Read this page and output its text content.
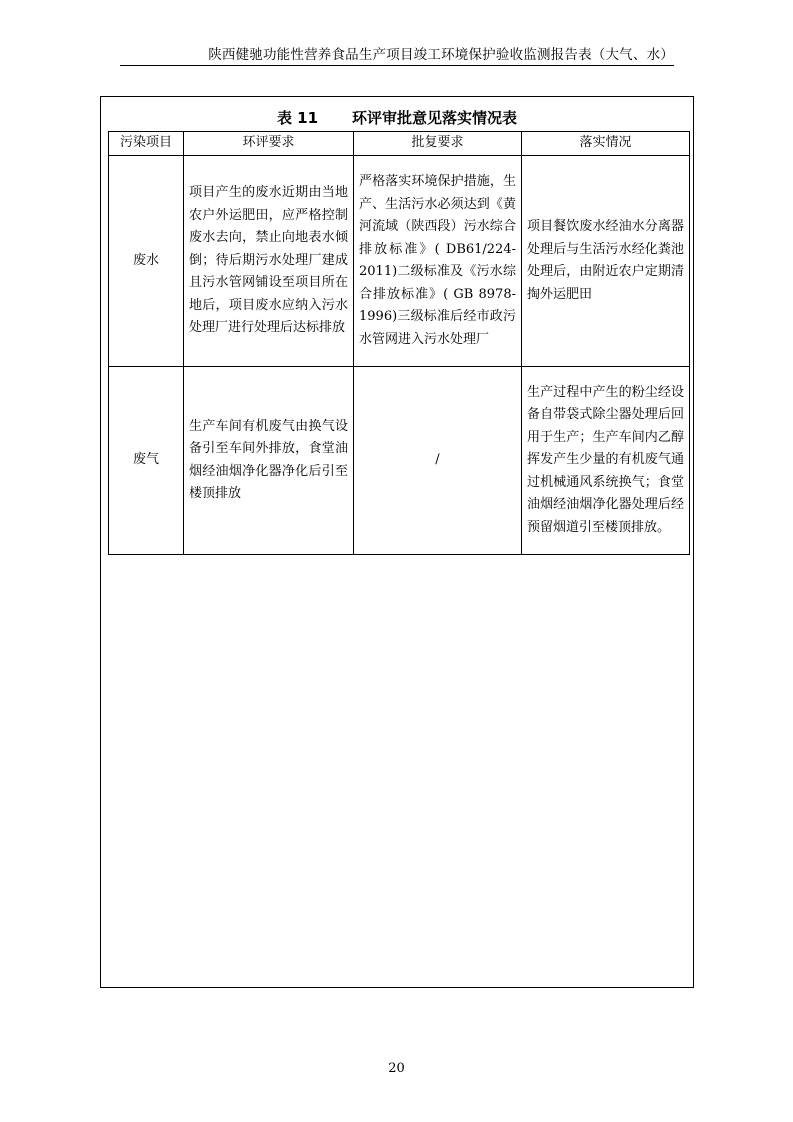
陕西健驰功能性营养食品生产项目竣工环境保护验收监测报告表（大气、水）
表 11 环评审批意见落实情况表
污染项目	环评要求	批复要求	落实情况
废水	项目产生的废水近期由当地农户外运肥田，应严格控制废水去向，禁止向地表水倾倒；待后期污水处理厂建成且污水管网铺设至项目所在地后，项目废水应纳入污水处理厂进行处理后达标排放	严格落实环境保护措施，生产、生活污水必须达到《黄河流域（陕西段）污水综合排放标准》( DB61/224-2011)二级标准及《污水综合排放标准》( GB 8978-1996)三级标准后经市政污水管网进入污水处理厂	项目餐饮废水经油水分离器处理后与生活污水经化粪池处理后，由附近农户定期清掏外运肥田
废气	生产车间有机废气由换气设备引至车间外排放，食堂油烟经油烟净化器净化后引至楼顶排放	/	生产过程中产生的粉尘经设备自带袋式除尘器处理后回用于生产；生产车间内乙醇挥发产生少量的有机废气通过机械通风系统换气；食堂油烟经油烟净化器处理后经预留烟道引至楼顶排放。
20
